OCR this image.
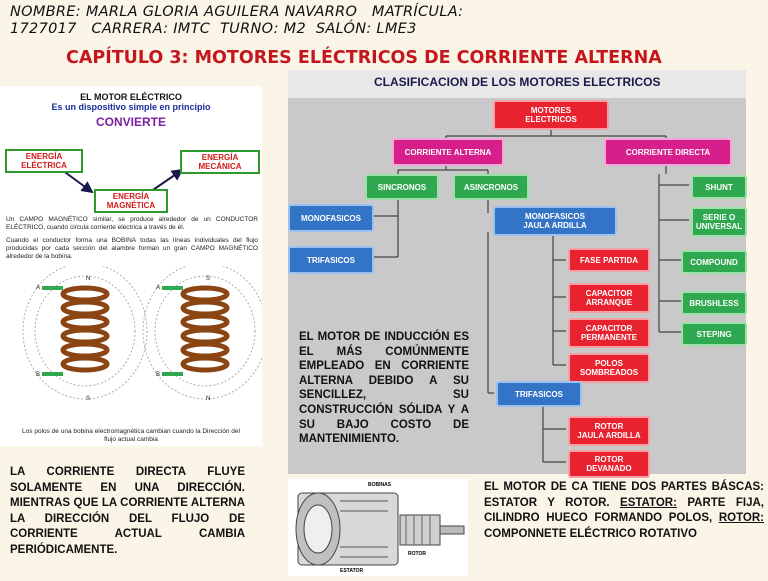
NOMBRE: MARLA GLORIA AGUILERA NAVARRO   MATRÍCULA:
1727017   CARRERA: IMTC  TURNO: M2  SALÓN: LME3
CAPÍTULO 3: MOTORES ELÉCTRICOS DE CORRIENTE ALTERNA
EL MOTOR ELÉCTRICO
Es un dispositivo simple en principio
CONVIERTE
ENERGÍA
ELÉCTRICA
ENERGÍA
MECÁNICA
ENERGÍA
MAGNÉTICA
Un CAMPO MAGNÉTICO similar, se produce alrededor de un CONDUCTOR ELÉCTRICO, cuando circula corriente eléctrica a través de él.
Cuando el conductor forma una BOBINA todas las líneas individuales del flujo producidas por cada sección del alambre forman un gran CAMPO MAGNÉTICO alrededor de la bobina.
N
S
A
B
S
N
A
B
Los polos de una bobina electromagnética cambian cuando la Dirección del flujo actual cambia
CLASIFICACION DE LOS MOTORES ELECTRICOS
MOTORES
ELECTRICOS
CORRIENTE ALTERNA	CORRIENTE DIRECTA
SINCRONOS	ASINCRONOS
MONOFASICOS
TRIFASICOS
MONOFASICOS
JAULA ARDILLA
FASE PARTIDA
CAPACITOR
ARRANQUE
CAPACITOR
PERMANENTE
POLOS
SOMBREADOS
TRIFASICOS
ROTOR
JAULA ARDILLA
ROTOR
DEVANADO
SHUNT
SERIE O
UNIVERSAL
COMPOUND
BRUSHLESS
STEPING
EL MOTOR DE INDUCCIÓN ES EL MÁS COMÚNMENTE EMPLEADO EN CORRIENTE ALTERNA DEBIDO A SU SENCILLEZ, SU CONSTRUCCIÓN SÓLIDA Y A SU BAJO COSTO DE MANTENIMIENTO.
LA CORRIENTE DIRECTA FLUYE SOLAMENTE EN UNA DIRECCIÓN. MIENTRAS QUE LA CORRIENTE ALTERNA LA DIRECCIÓN DEL FLUJO DE CORRIENTE ACTUAL CAMBIA PERIÓDICAMENTE.
BOBINAS
ROTOR
ESTATOR
EL MOTOR DE CA TIENE DOS PARTES BÁSCAS: ESTATOR Y ROTOR. ESTATOR: PARTE FIJA, CILINDRO HUECO FORMANDO POLOS, ROTOR: COMPONNETE ELÉCTRICO ROTATIVO
